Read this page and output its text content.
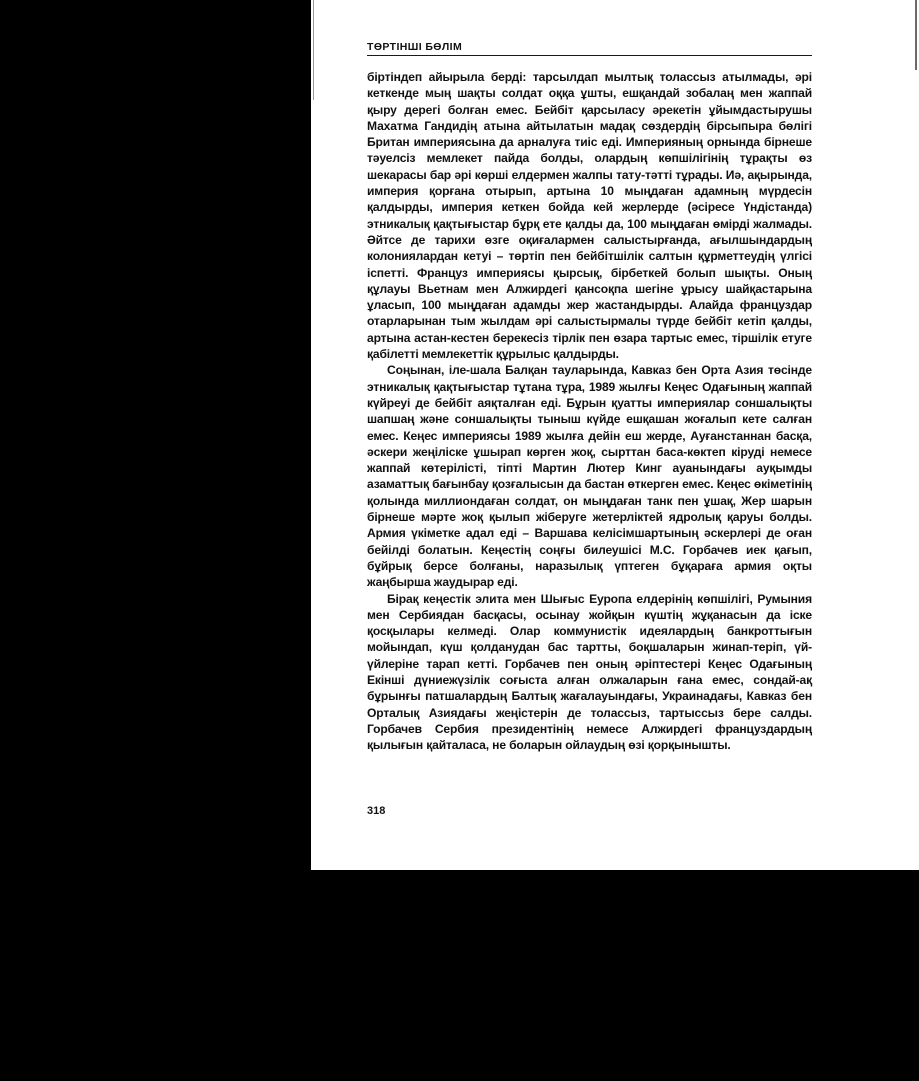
ТӨРТІНШІ БӨЛІМ

біртіндеп айырыла берді: тарсылдап мылтық толассыз атылмады, әрі кеткенде мың шақты солдат оққа ұшты, ешқандай зобалаң мен жаппай қыру дерегі болған емес. Бейбіт қарсыласу әрекетін ұйымдастырушы Махатма Гандидің атына айтылатын мадақ сөздердің бірсыпыра бөлігі Британ империясына да арналуға тиіс еді. Империяның орнында бірнеше тәуелсіз мемлекет пайда болды, олардың көпшілігінің тұрақты өз шекарасы бар әрі көрші елдермен жалпы тату-тәтті тұрады. Иә, ақырында, империя қорғана отырып, артына 10 мыңдаған адамның мүрдесін қалдырды, империя кеткен бойда кей жерлерде (әсіресе Үндістанда) этникалық қақтығыстар бұрқ ете қалды да, 100 мыңдаған өмірді жалмады. Әйтсе де тарихи өзге оқиғалармен салыстырғанда, ағылшындардың колониялардан кетуі – төртіп пен бейбітшілік салтын құрметтеудің үлгісі іспетті. Француз империясы қырсық, бірбеткей болып шықты. Оның құлауы Вьетнам мен Алжирдегі қансоқпа шегіне ұрысу шайқастарына ұласып, 100 мыңдаған адамды жер жастандырды. Алайда француздар отарларынан тым жылдам әрі салыстырмалы түрде бейбіт кетіп қалды, артына астан-кестен берекесіз тірлік пен өзара тартыс емес, тіршілік етуге қабілетті мемлекеттік құрылыс қалдырды.

Соңынан, іле-шала Балқан тауларында, Кавказ бен Орта Азия төсінде этникалық қақтығыстар тұтана тұра, 1989 жылғы Кеңес Одағының жаппай күйреуі де бейбіт аяқталған еді. Бұрын қуатты империялар соншалықты шапшаң және соншалықты тыныш күйде ешқашан жоғалып кете салған емес. Кеңес империясы 1989 жылға дейін еш жерде, Ауғанстаннан басқа, әскери жеңіліске ұшырап көрген жоқ, сырттан баса-көктеп кіруді немесе жаппай көтерілісті, тіпті Мартин Лютер Кинг ауанындағы ауқымды азаматтық бағынбау қозғалысын да бастан өткерген емес. Кеңес өкіметінің қолында миллиондаған солдат, он мыңдаған танк пен ұшақ, Жер шарын бірнеше мәрте жоқ қылып жіберуге жетерліктей ядролық қаруы болды. Армия үкіметке адал еді – Варшава келісімшартының әскерлері де оған бейілді болатын. Кеңестің соңғы билеушісі М.С. Горбачев иек қағып, бұйрық берсе болғаны, наразылық үптеген бұқараға армия оқты жаңбырша жаудырар еді.

Бірақ кеңестік элита мен Шығыс Еуропа елдерінің көпшілігі, Румыния мен Сербиядан басқасы, осынау жойқын күштің жұқанасын да іске қосқылары келмеді. Олар коммунистік идеялардың банкроттығын мойындап, күш қолданудан бас тартты, боқшаларын жинап-теріп, үй-үйлеріне тарап кетті. Горбачев пен оның әріптестері Кеңес Одағының Екінші дүниежүзілік соғыста алған олжаларын ғана емес, сондай-ақ бұрынғы патшалардың Балтық жағалауындағы, Украинадағы, Кавказ бен Орталық Азиядағы жеңістерін де толассыз, тартыссыз бере салды. Горбачев Сербия президентінің немесе Алжирдегі француздардың қылығын қайталаса, не боларын ойлаудың өзі қорқынышты.

318
